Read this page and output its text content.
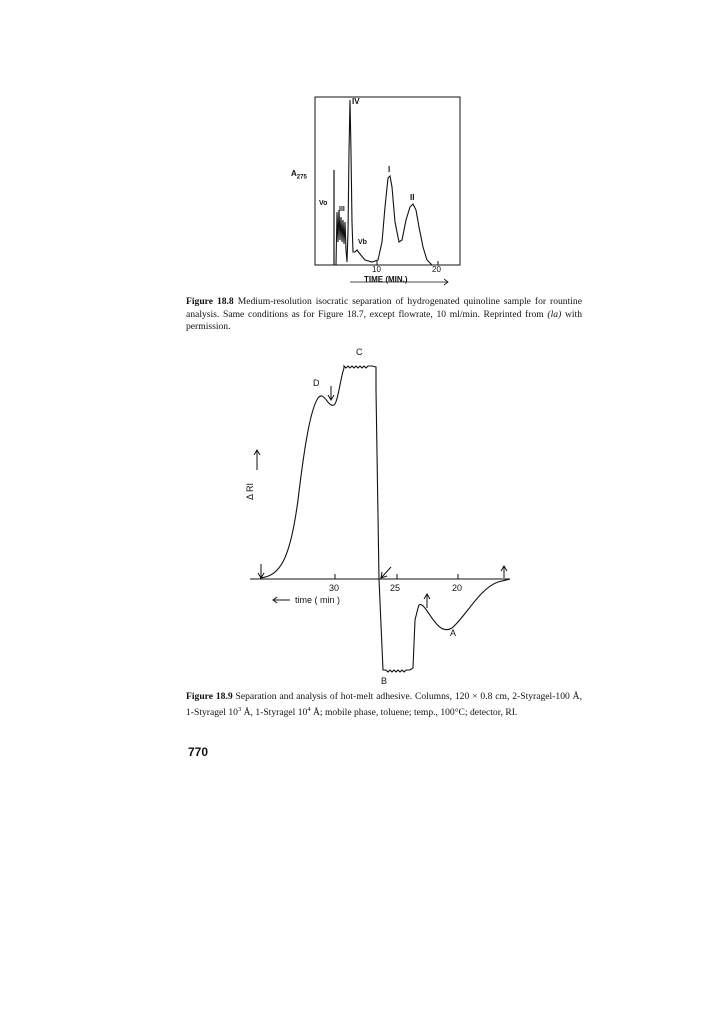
$A_{275}$
IV
I
II
Vo
III
Vb
10	20
TIME (MIN.)
Figure 18.8 Medium-resolution isocratic separation of hydrogenated quinoline sample for rountine analysis. Same conditions as for Figure 18.7, except flowrate, 10 ml/min. Reprinted from (la) with permission.
C
D
A
B
Δ RI
30	25	20
time ( min )
Figure 18.9 Separation and analysis of hot-melt adhesive. Columns, 120 × 0.8 cm, 2-Styragel-100 Å, 1-Styragel $10^3$ Å, 1-Styragel $10^4$ Å; mobile phase, toluene; temp., 100°C; detector, RI.
770
